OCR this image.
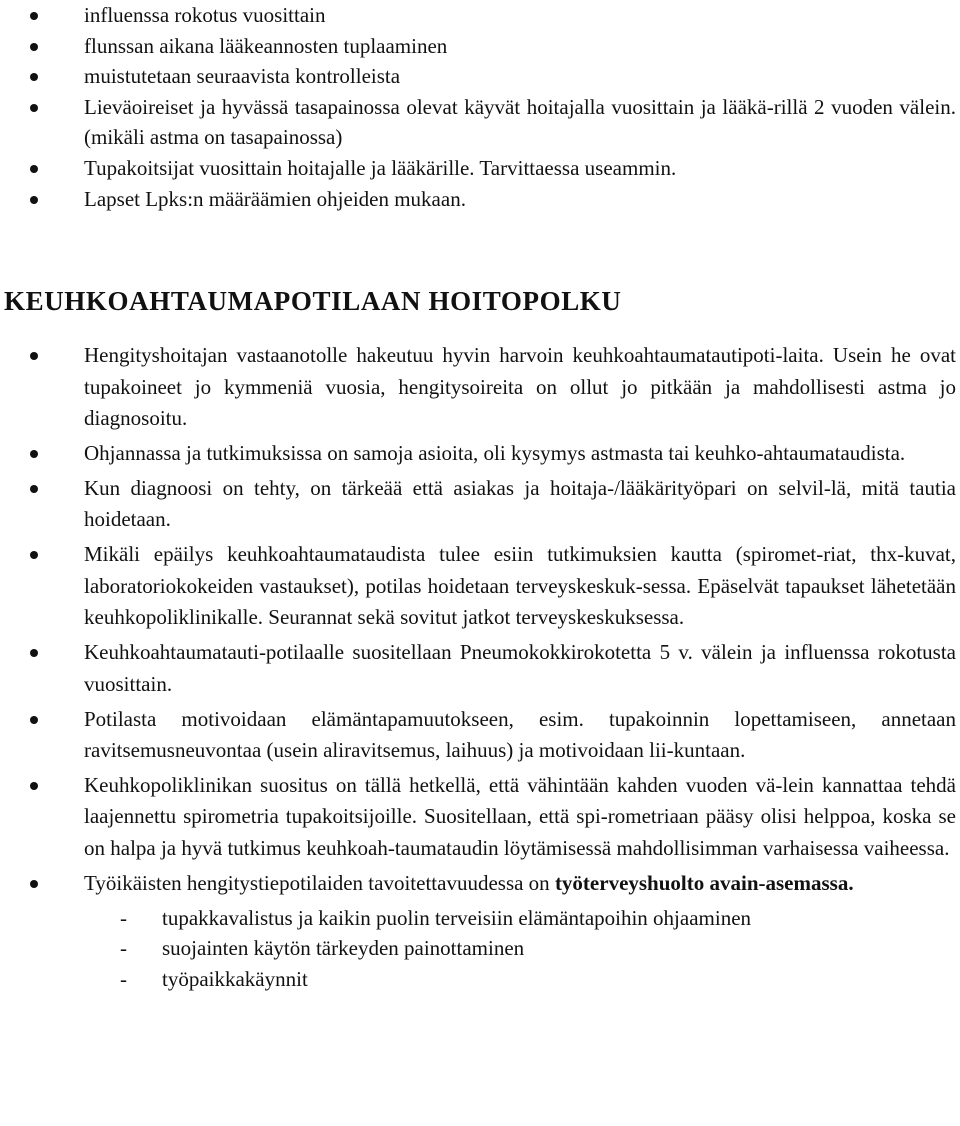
influenssa rokotus vuosittain
flunssan aikana lääkeannosten tuplaaminen
muistutetaan seuraavista kontrolleista
Lieväoireiset ja hyvässä tasapainossa olevat käyvät hoitajalla vuosittain ja lääkä-rillä 2 vuoden välein. (mikäli astma on tasapainossa)
Tupakoitsijat vuosittain hoitajalle ja lääkärille. Tarvittaessa useammin.
Lapset Lpks:n määräämien ohjeiden mukaan.
KEUHKOAHTAUMAPOTILAAN HOITOPOLKU
Hengityshoitajan vastaanotolle hakeutuu hyvin harvoin keuhkoahtaumatautipoti-laita. Usein he ovat tupakoineet jo kymmeniä vuosia, hengitysoireita on ollut jo pitkään ja mahdollisesti astma jo diagnosoitu.
Ohjannassa ja tutkimuksissa on samoja asioita, oli kysymys astmasta tai keuhko-ahtaumataudista.
Kun diagnoosi on tehty, on tärkeää että asiakas ja hoitaja-/lääkärityöpari on selvil-lä, mitä tautia hoidetaan.
Mikäli epäilys keuhkoahtaumataudista tulee esiin tutkimuksien kautta (spiromet-riat, thx-kuvat, laboratoriokokeiden vastaukset), potilas hoidetaan terveyskeskuk-sessa. Epäselvät tapaukset lähetetään keuhkopoliklinikalle. Seurannat sekä sovitut jatkot terveyskeskuksessa.
Keuhkoahtaumatauti-potilaalle suositellaan Pneumokokkirokotetta 5 v. välein ja influenssa rokotusta vuosittain.
Potilasta motivoidaan elämäntapamuutokseen, esim. tupakoinnin lopettamiseen, annetaan ravitsemusneuvontaa (usein aliravitsemus, laihuus) ja motivoidaan lii-kuntaan.
Keuhkopoliklinikan suositus on tällä hetkellä, että vähintään kahden vuoden vä-lein kannattaa tehdä laajennettu spirometria tupakoitsijoille. Suositellaan, että spi-rometriaan pääsy olisi helppoa, koska se on halpa ja hyvä tutkimus keuhkoah-taumataudin löytämisessä mahdollisimman varhaisessa vaiheessa.
Työikäisten hengitystiepotilaiden tavoitettavuudessa on työterveyshuolto avain-asemassa.
- tupakkavalistus ja kaikin puolin terveisiin elämäntapoihin ohjaaminen
- suojainten käytön tärkeyden painottaminen
- työpaikkakäynnit
